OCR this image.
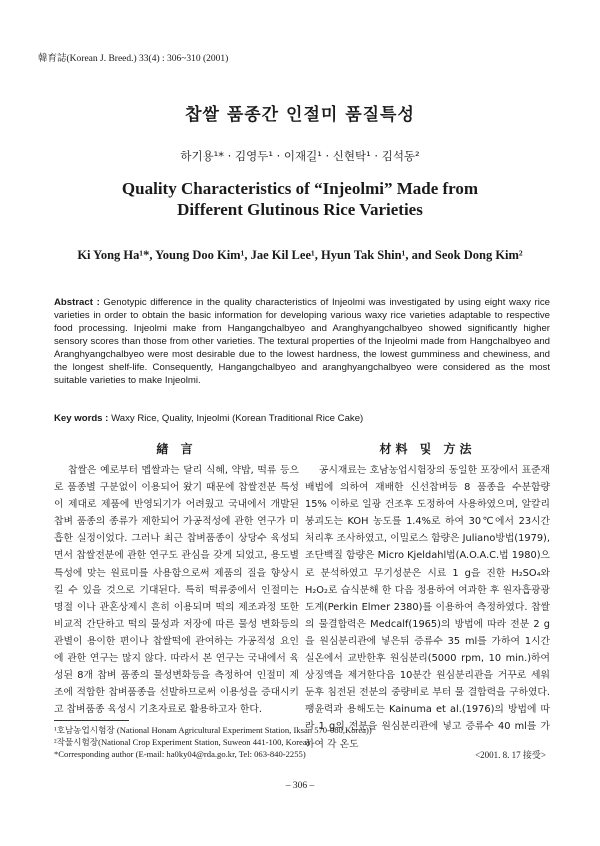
韓育誌(Korean J. Breed.) 33(4) : 306~310 (2001)
찹쌀 품종간 인절미 품질특성
하기용¹* · 김영두¹ · 이재길¹ · 신현탁¹ · 김석동²
Quality Characteristics of “Injeolmi” Made from
Different Glutinous Rice Varieties
Ki Yong Ha¹*, Young Doo Kim¹, Jae Kil Lee¹, Hyun Tak Shin¹, and Seok Dong Kim²
Abstract : Genotypic difference in the quality characteristics of Injeolmi was investigated by using eight waxy rice varieties in order to obtain the basic information for developing various waxy rice varieties adaptable to respective food processing. Injeolmi make from Hangangchalbyeo and Aranghyangchalbyeo showed significantly higher sensory scores than those from other varieties. The textural properties of the Injeolmi made from Hangchalbyeo and Aranghyangchalbyeo were most desirable due to the lowest hardness, the lowest gumminess and chewiness, and the longest shelf-life. Consequently, Hangangchalbyeo and aranghyangchalbyeo were considered as the most suitable varieties to make Injeolmi.
Key words : Waxy Rice, Quality, Injeolmi (Korean Traditional Rice Cake)
緖 言	材料 및 方法

찹쌀은 예로부터 멥쌀과는 달리 식혜, 약밥, 떡류 등으로 품종별 구분없이 이용되어 왔기 때문에 찹쌀전분 특성이 제대로 제품에 반영되기가 어려웠고 국내에서 개발된 찹벼 품종의 종류가 제한되어 가공적성에 관한 연구가 미흡한 실정이었다. 그러나 최근 찹벼품종이 상당수 육성되면서 찹쌀전분에 관한 연구도 관심을 갖게 되었고, 용도별 특성에 맞는 원료미를 사용함으로써 제품의 질을 향상시킬 수 있을 것으로 기대된다. 특히 떡류중에서 인절미는 명절 이나 관혼상제시 흔히 이용되며 떡의 제조과정 또한 비교적 간단하고 떡의 물성과 저장에 따른 물성 변화등의 관별이 용이한 편이나 찹쌀떡에 관여하는 가공적성 요인에 관한 연구는 많지 않다. 따라서 본 연구는 국내에서 육성된 8개 찹벼 품종의 물성변화등을 측정하여 인절미 제조에 적합한 찹벼품종을 선발하므로써 이용성을 증대시키고 찹벼품종 육성시 기초자료로 활용하고자 한다.

공시재료는 호남농업시험장의 동일한 포장에서 표준재배법에 의하여 재배한 신선찹벼등 8 품종을 수분함량 15% 이하로 일광 건조후 도정하여 사용하였으며, 알칼리붕괴도는 KOH 농도를 1.4%로 하여 30℃에서 23시간 처리후 조사하였고, 이밀로스 함량은 Juliano방법(1979), 조단백질 함량은 Micro Kjeldahl법(A.O.A.C.법 1980)으로 분석하였고 무기성분은 시료 1 g을 진한 H₂SO₄와 H₂O₂로 습식분해 한 다음 정용하여 여과한 후 원자흡광광도계(Perkin Elmer 2380)를 이용하여 측정하였다. 찹쌀의 물결합력은 Medcalf(1965)의 방법에 따라 전분 2 g을 원심분리관에 넣은뒤 증류수 35 ml를 가하여 1시간 실온에서 교반한후 원심분리(5000 rpm, 10 min.)하여 상징액을 제거한다음 10분간 원심분리관을 거꾸로 세워 둔후 침전된 전분의 중량비로 부터 물 결합력을 구하였다. 팽윤력과 용해도는 Kainuma et al.(1976)의 방법에 따라 1 g의 전분을 원심분리관에 넣고 증류수 40 ml를 가하여 각 온도

¹호남농업시험장 (National Honam Agricultural Experiment Station, Iksan 570-080,Korea))
²작물시험장(National Crop Experiment Station, Suweon 441-100, Korea)
*Corresponding author (E-mail: ha0ky04@rda.go.kr, Tel: 063-840-2255)	<2001. 8. 17 接受>
– 306 –
